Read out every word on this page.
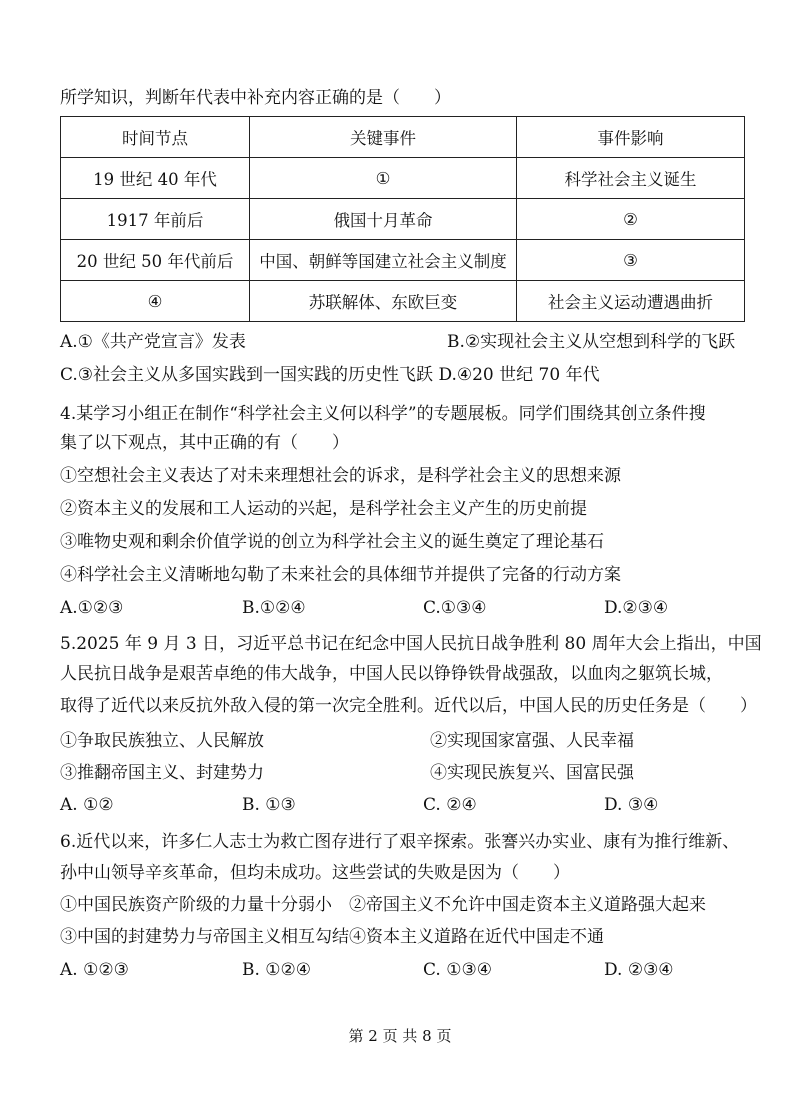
所学知识，判断年代表中补充内容正确的是（　　）
时间节点	关键事件	事件影响
19 世纪 40 年代	①	科学社会主义诞生
1917 年前后	俄国十月革命	②
20 世纪 50 年代前后	中国、朝鲜等国建立社会主义制度	③
④	苏联解体、东欧巨变	社会主义运动遭遇曲折
A.①《共产党宣言》发表	B.②实现社会主义从空想到科学的飞跃
C.③社会主义从多国实践到一国实践的历史性飞跃 D.④20 世纪 70 年代
4.某学习小组正在制作“科学社会主义何以科学”的专题展板。同学们围绕其创立条件搜
集了以下观点，其中正确的有（　　）
①空想社会主义表达了对未来理想社会的诉求，是科学社会主义的思想来源
②资本主义的发展和工人运动的兴起，是科学社会主义产生的历史前提
③唯物史观和剩余价值学说的创立为科学社会主义的诞生奠定了理论基石
④科学社会主义清晰地勾勒了未来社会的具体细节并提供了完备的行动方案
A.①②③	B.①②④	C.①③④	D.②③④
5.2025 年 9 月 3 日，习近平总书记在纪念中国人民抗日战争胜利 80 周年大会上指出，中国
人民抗日战争是艰苦卓绝的伟大战争，中国人民以铮铮铁骨战强敌，以血肉之躯筑长城，
取得了近代以来反抗外敌入侵的第一次完全胜利。近代以后，中国人民的历史任务是（　　）
①争取民族独立、人民解放	②实现国家富强、人民幸福
③推翻帝国主义、封建势力	④实现民族复兴、国富民强
A. ①②	B. ①③	C. ②④	D. ③④
6.近代以来，许多仁人志士为救亡图存进行了艰辛探索。张謇兴办实业、康有为推行维新、
孙中山领导辛亥革命，但均未成功。这些尝试的失败是因为（　　）
①中国民族资产阶级的力量十分弱小　②帝国主义不允许中国走资本主义道路强大起来
③中国的封建势力与帝国主义相互勾结④资本主义道路在近代中国走不通
A. ①②③	B. ①②④	C. ①③④	D. ②③④
第 2 页 共 8 页
